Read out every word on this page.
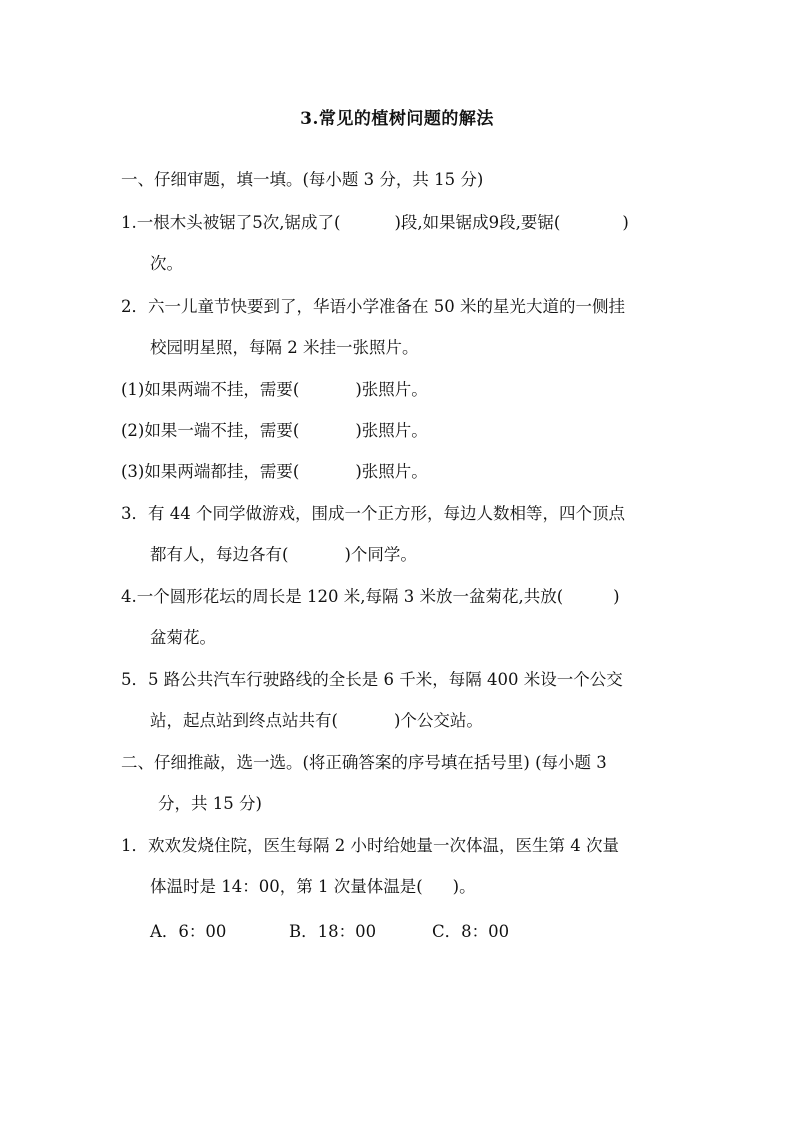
3.常见的植树问题的解法
一、仔细审题，填一填。(每小题 3 分，共 15 分)
1.一根木头被锯了5次,锯成了(	)段,如果锯成9段,要锯(	)
次。
2．六一儿童节快要到了，华语小学准备在 50 米的星光大道的一侧挂
校园明星照，每隔 2 米挂一张照片。
(1)如果两端不挂，需要(	)张照片。
(2)如果一端不挂，需要(	)张照片。
(3)如果两端都挂，需要(	)张照片。
3．有 44 个同学做游戏，围成一个正方形，每边人数相等，四个顶点
都有人，每边各有(	)个同学。
4.一个圆形花坛的周长是 120 米,每隔 3 米放一盆菊花,共放(	)
盆菊花。
5．5 路公共汽车行驶路线的全长是 6 千米，每隔 400 米设一个公交
站，起点站到终点站共有(	)个公交站。
二、仔细推敲，选一选。(将正确答案的序号填在括号里) (每小题 3
分，共 15 分)
1．欢欢发烧住院，医生每隔 2 小时给她量一次体温，医生第 4 次量
体温时是 14：00，第 1 次量体温是( )。
A．6：00	B．18：00	C．8：00
